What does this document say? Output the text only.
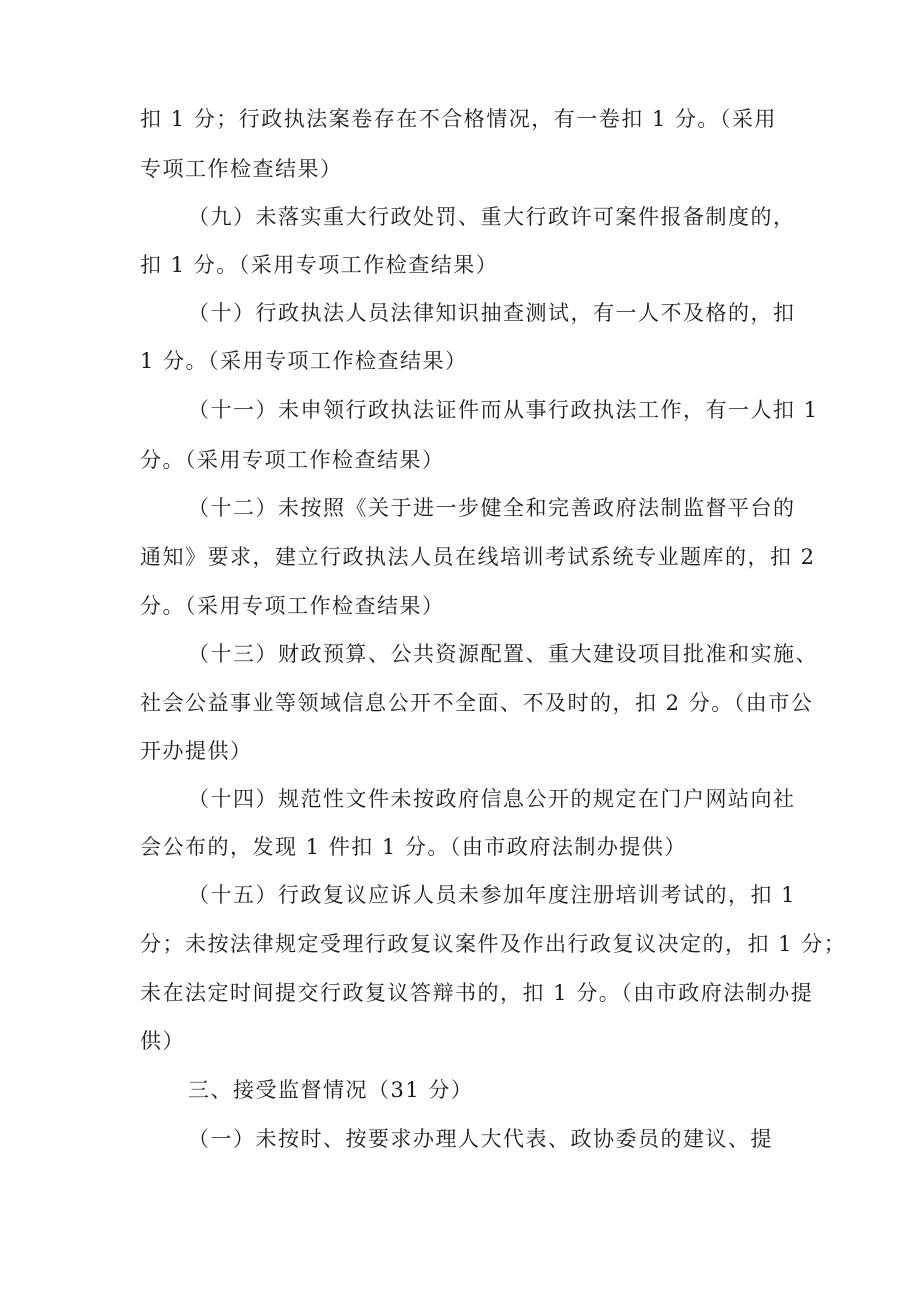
扣 1 分；行政执法案卷存在不合格情况，有一卷扣 1 分。（采用
专项工作检查结果）
（九）未落实重大行政处罚、重大行政许可案件报备制度的，
扣 1 分。（采用专项工作检查结果）
（十）行政执法人员法律知识抽查测试，有一人不及格的，扣
1 分。（采用专项工作检查结果）
（十一）未申领行政执法证件而从事行政执法工作，有一人扣 1
分。（采用专项工作检查结果）
（十二）未按照《关于进一步健全和完善政府法制监督平台的
通知》要求，建立行政执法人员在线培训考试系统专业题库的，扣 2
分。（采用专项工作检查结果）
（十三）财政预算、公共资源配置、重大建设项目批准和实施、
社会公益事业等领域信息公开不全面、不及时的，扣 2 分。（由市公
开办提供）
（十四）规范性文件未按政府信息公开的规定在门户网站向社
会公布的，发现 1 件扣 1 分。（由市政府法制办提供）
（十五）行政复议应诉人员未参加年度注册培训考试的，扣 1
分；未按法律规定受理行政复议案件及作出行政复议决定的，扣 1 分；
未在法定时间提交行政复议答辩书的，扣 1 分。（由市政府法制办提
供）
三、接受监督情况（31 分）
（一）未按时、按要求办理人大代表、政协委员的建议、提
